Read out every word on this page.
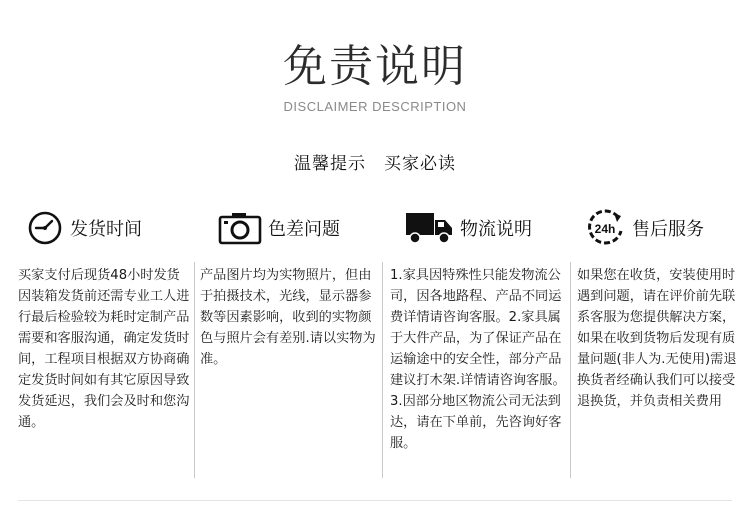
免责说明
DISCLAIMER DESCRIPTION
温馨提示　买家必读
发货时间
买家支付后现货48小时发货因装箱发货前还需专业工人进行最后检验较为耗时定制产品需要和客服沟通，确定发货时间，工程项目根据双方协商确定发货时间如有其它原因导致发货延迟，我们会及时和您沟通。
色差问题
产品图片均为实物照片，但由于拍摄技术，光线，显示器参数等因素影响，收到的实物颜色与照片会有差别.请以实物为准。
物流说明
1.家具因特殊性只能发物流公司，因各地路程、产品不同运费详情请咨询客服。2.家具属于大件产品，为了保证产品在运输途中的安全性，部分产品建议打木架.详情请咨询客服。3.因部分地区物流公司无法到达，请在下单前，先咨询好客服。
24h 售后服务
如果您在收货，安装使用时遇到问题，请在评价前先联系客服为您提供解决方案，如果在收到货物后发现有质量问题(非人为.无使用)需退换货者经确认我们可以接受退换货，并负责相关费用
